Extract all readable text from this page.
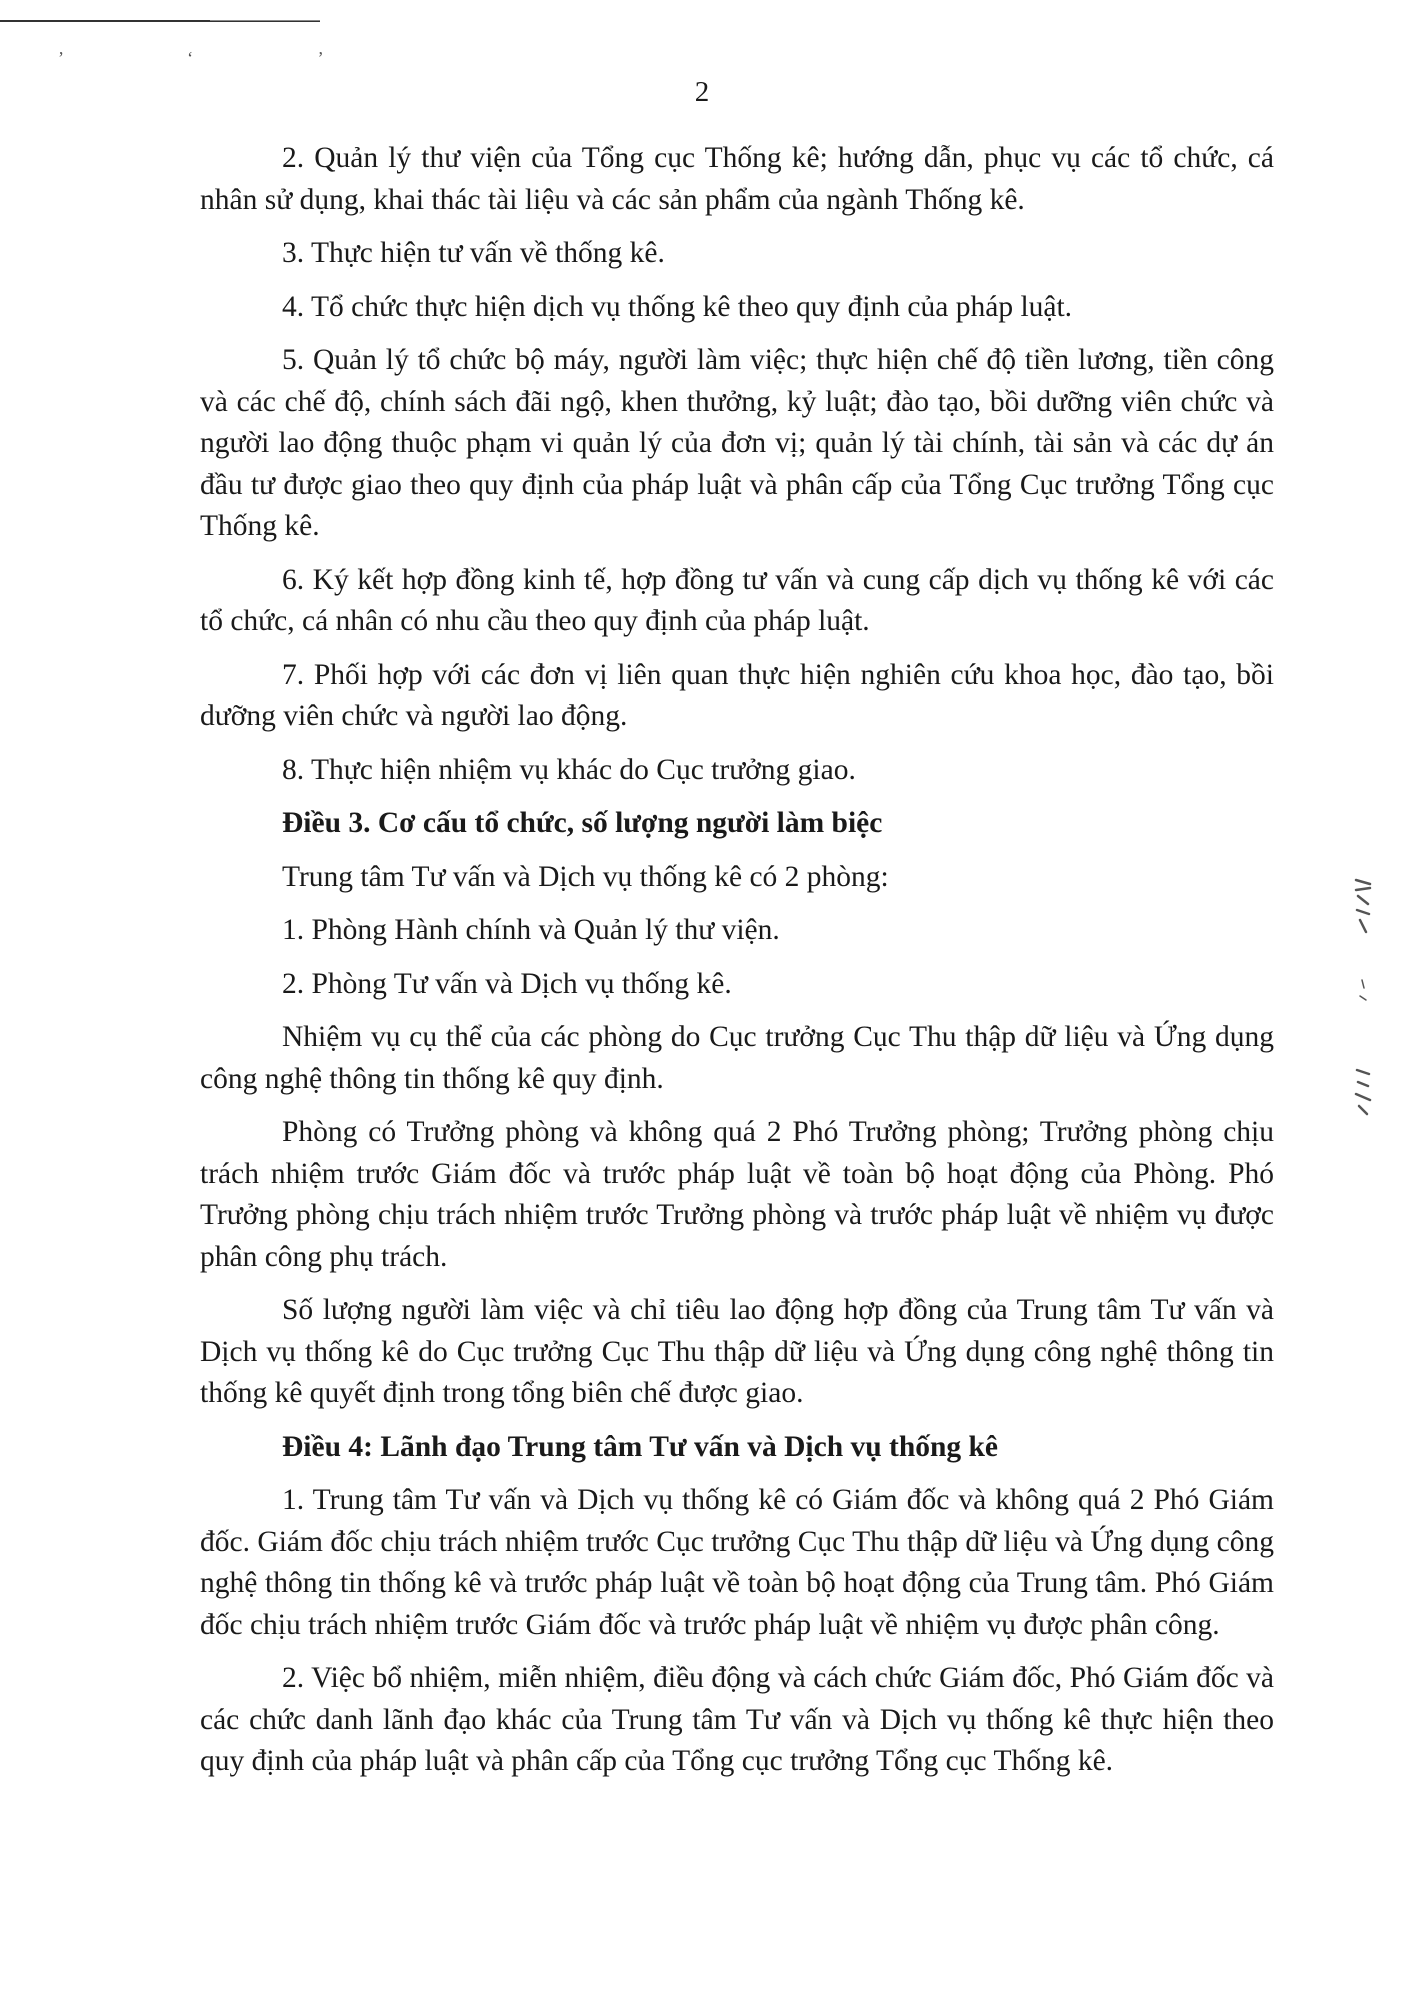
’ ‘ ’
2

2. Quản lý thư viện của Tổng cục Thống kê; hướng dẫn, phục vụ các tổ chức, cá nhân sử dụng, khai thác tài liệu và các sản phẩm của ngành Thống kê.

3. Thực hiện tư vấn về thống kê.

4. Tổ chức thực hiện dịch vụ thống kê theo quy định của pháp luật.

5. Quản lý tổ chức bộ máy, người làm việc; thực hiện chế độ tiền lương, tiền công và các chế độ, chính sách đãi ngộ, khen thưởng, kỷ luật; đào tạo, bồi dưỡng viên chức và người lao động thuộc phạm vi quản lý của đơn vị; quản lý tài chính, tài sản và các dự án đầu tư được giao theo quy định của pháp luật và phân cấp của Tổng Cục trưởng Tổng cục Thống kê.

6. Ký kết hợp đồng kinh tế, hợp đồng tư vấn và cung cấp dịch vụ thống kê với các tổ chức, cá nhân có nhu cầu theo quy định của pháp luật.

7. Phối hợp với các đơn vị liên quan thực hiện nghiên cứu khoa học, đào tạo, bồi dưỡng viên chức và người lao động.

8. Thực hiện nhiệm vụ khác do Cục trưởng giao.

Điều 3. Cơ cấu tổ chức, số lượng người làm biệc

Trung tâm Tư vấn và Dịch vụ thống kê có 2 phòng:

1. Phòng Hành chính và Quản lý thư viện.

2. Phòng Tư vấn và Dịch vụ thống kê.

Nhiệm vụ cụ thể của các phòng do Cục trưởng Cục Thu thập dữ liệu và Ứng dụng công nghệ thông tin thống kê quy định.

Phòng có Trưởng phòng và không quá 2 Phó Trưởng phòng; Trưởng phòng chịu trách nhiệm trước Giám đốc và trước pháp luật về toàn bộ hoạt động của Phòng. Phó Trưởng phòng chịu trách nhiệm trước Trưởng phòng và trước pháp luật về nhiệm vụ được phân công phụ trách.

Số lượng người làm việc và chỉ tiêu lao động hợp đồng của Trung tâm Tư vấn và Dịch vụ thống kê do Cục trưởng Cục Thu thập dữ liệu và Ứng dụng công nghệ thông tin thống kê quyết định trong tổng biên chế được giao.

Điều 4: Lãnh đạo Trung tâm Tư vấn và Dịch vụ thống kê

1. Trung tâm Tư vấn và Dịch vụ thống kê có Giám đốc và không quá 2 Phó Giám đốc. Giám đốc chịu trách nhiệm trước Cục trưởng Cục Thu thập dữ liệu và Ứng dụng công nghệ thông tin thống kê và trước pháp luật về toàn bộ hoạt động của Trung tâm. Phó Giám đốc chịu trách nhiệm trước Giám đốc và trước pháp luật về nhiệm vụ được phân công.

2. Việc bổ nhiệm, miễn nhiệm, điều động và cách chức Giám đốc, Phó Giám đốc và các chức danh lãnh đạo khác của Trung tâm Tư vấn và Dịch vụ thống kê thực hiện theo quy định của pháp luật và phân cấp của Tổng cục trưởng Tổng cục Thống kê.
